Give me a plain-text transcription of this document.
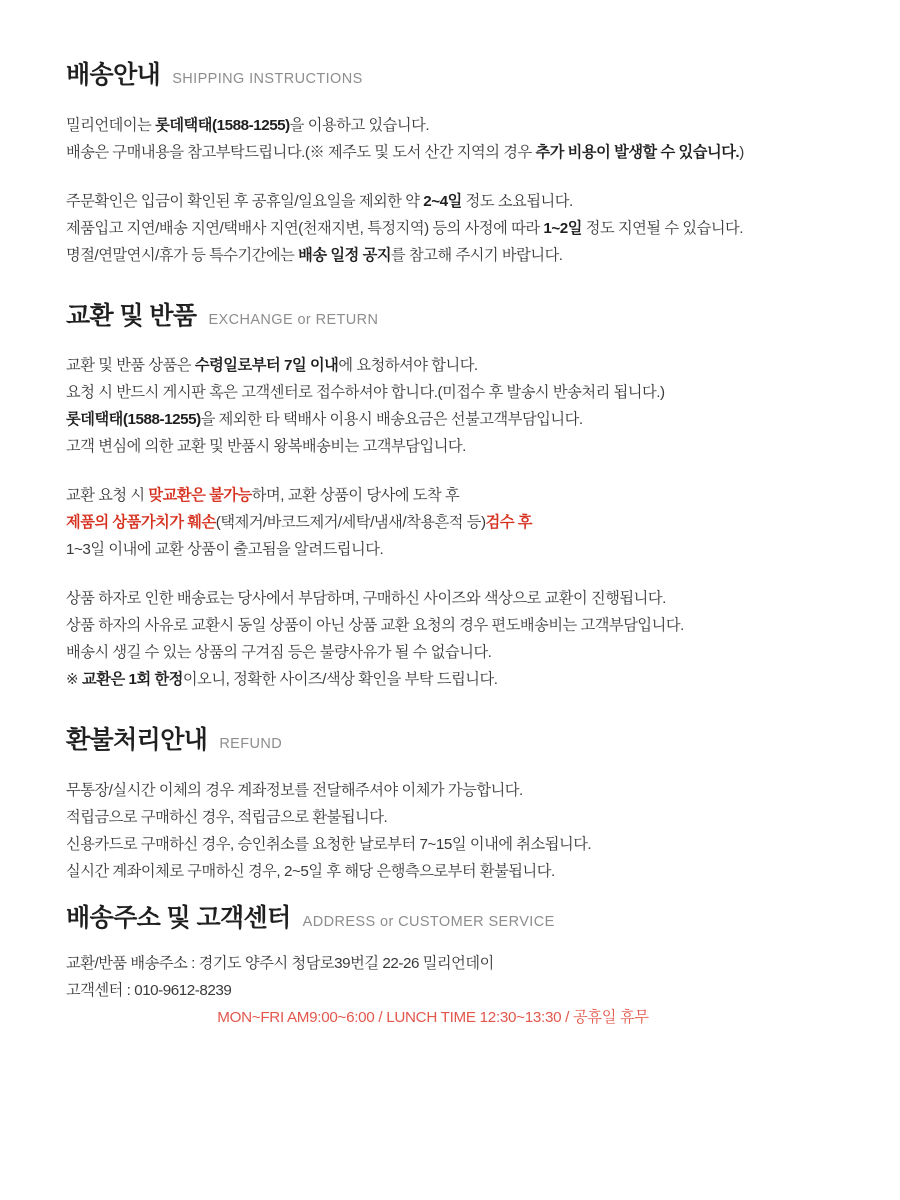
배송안내 SHIPPING INSTRUCTIONS
밀리언데이는 롯데택태(1588-1255)을 이용하고 있습니다.
배송은 구매내용을 참고부탁드립니다.(※ 제주도 및 도서 산간 지역의 경우 추가 비용이 발생할 수 있습니다.)
주문확인은 입금이 확인된 후 공휴일/일요일을 제외한 약 2~4일 정도 소요됩니다.
제품입고 지연/배송 지연/택배사 지연(천재지변, 특정지역) 등의 사정에 따라 1~2일 정도 지연될 수 있습니다.
명절/연말연시/휴가 등 특수기간에는 배송 일정 공지를 참고해 주시기 바랍니다.
교환 및 반품 EXCHANGE or RETURN
교환 및 반품 상품은 수령일로부터 7일 이내에 요청하셔야 합니다.
요청 시 반드시 게시판 혹은 고객센터로 접수하셔야 합니다.(미접수 후 발송시 반송처리 됩니다.)
롯데택태(1588-1255)을 제외한 타 택배사 이용시 배송요금은 선불고객부담입니다.
고객 변심에 의한 교환 및 반품시 왕복배송비는 고객부담입니다.
교환 요청 시 맞교환은 불가능하며, 교환 상품이 당사에 도착 후
제품의 상품가치가 훼손(택제거/바코드제거/세탁/냄새/착용흔적 등)검수 후
1~3일 이내에 교환 상품이 출고됨을 알려드립니다.
상품 하자로 인한 배송료는 당사에서 부담하며, 구매하신 사이즈와 색상으로 교환이 진행됩니다.
상품 하자의 사유로 교환시 동일 상품이 아닌 상품 교환 요청의 경우 편도배송비는 고객부담입니다.
배송시 생길 수 있는 상품의 구겨짐 등은 불량사유가 될 수 없습니다.
※ 교환은 1회 한정이오니, 정확한 사이즈/색상 확인을 부탁 드립니다.
환불처리안내 REFUND
무통장/실시간 이체의 경우 계좌정보를 전달해주셔야 이체가 가능합니다.
적립금으로 구매하신 경우, 적립금으로 환불됩니다.
신용카드로 구매하신 경우, 승인취소를 요청한 날로부터 7~15일 이내에 취소됩니다.
실시간 계좌이체로 구매하신 경우, 2~5일 후 해당 은행측으로부터 환불됩니다.
배송주소 및 고객센터 ADDRESS or CUSTOMER SERVICE
교환/반품 배송주소 : 경기도 양주시 청담로39번길 22-26 밀리언데이
고객센터 : 010-9612-8239
MON~FRI AM9:00~6:00 / LUNCH TIME 12:30~13:30 / 공휴일 휴무
